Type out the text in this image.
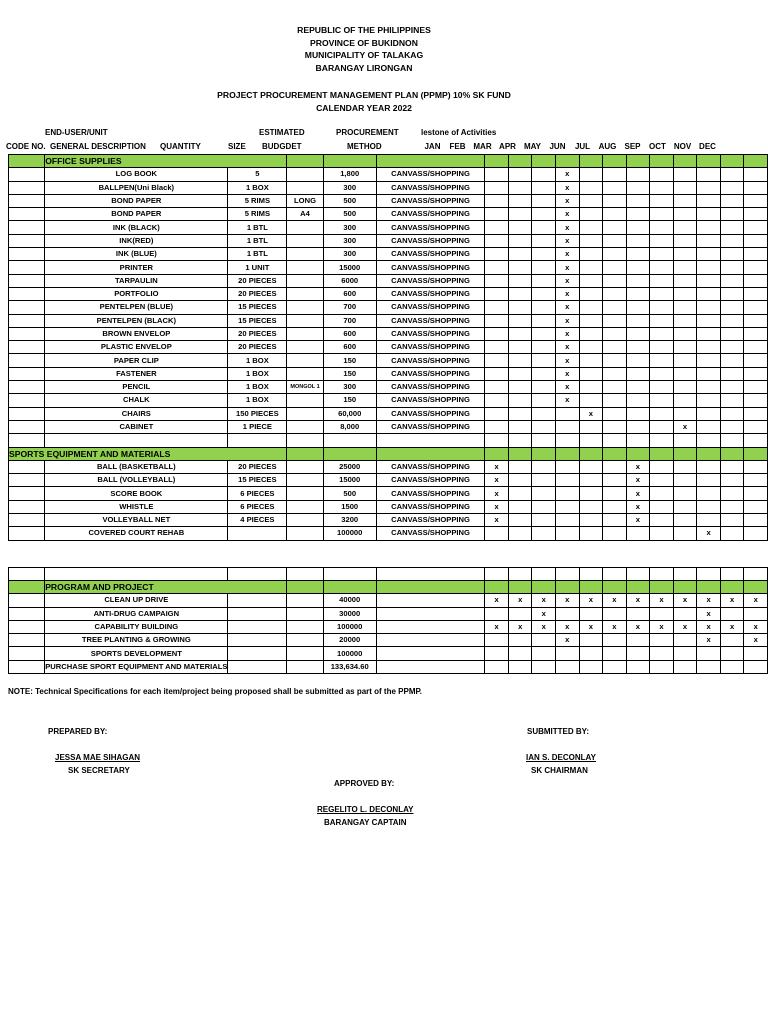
REPUBLIC OF THE PHILIPPINES
PROVINCE OF BUKIDNON
MUNICIPALITY OF TALAKAG
BARANGAY LIRONGAN
PROJECT PROCUREMENT MANAGEMENT PLAN (PPMP) 10% SK FUND
CALENDAR YEAR 2022
END-USER/UNIT
CODE NO. GENERAL DESCRIPTION QUANTITY	SIZE
ESTIMATED
BUDGDET
PROCUREMENT
METHOD
lestone of Activities
JAN	FEB MAR APR	MAY	JUN	JUL	AUG	SEP	OCT NOV DEC
	OFFICE SUPPLIES																
	LOG BOOK	5		1,800	CANVASS/SHOPPING				x								
	BALLPEN(Uni Black)	1 BOX		300	CANVASS/SHOPPING				x								
	BOND PAPER	5 RIMS	LONG	500	CANVASS/SHOPPING				x								
	BOND PAPER	5 RIMS	A4	500	CANVASS/SHOPPING				x								
	INK (BLACK)	1 BTL		300	CANVASS/SHOPPING				x								
	INK(RED)	1 BTL		300	CANVASS/SHOPPING				x								
	INK (BLUE)	1 BTL		300	CANVASS/SHOPPING				x								
	PRINTER	1 UNIT		15000	CANVASS/SHOPPING				x								
	TARPAULIN	20 PIECES		6000	CANVASS/SHOPPING				x								
	PORTFOLIO	20 PIECES		600	CANVASS/SHOPPING				x								
	PENTELPEN (BLUE)	15 PIECES		700	CANVASS/SHOPPING				x								
	PENTELPEN (BLACK)	15 PIECES		700	CANVASS/SHOPPING				x								
	BROWN ENVELOP	20 PIECES		600	CANVASS/SHOPPING				x								
	PLASTIC ENVELOP	20 PIECES		600	CANVASS/SHOPPING				x								
	PAPER CLIP	1 BOX		150	CANVASS/SHOPPING				x								
	FASTENER	1 BOX		150	CANVASS/SHOPPING				x								
	PENCIL	1 BOX	MONGOL 1	300	CANVASS/SHOPPING				x								
	CHALK	1 BOX		150	CANVASS/SHOPPING				x								
	CHAIRS	150 PIECES		60,000	CANVASS/SHOPPING					x							
	CABINET	1 PIECE		8,000	CANVASS/SHOPPING									x			

SPORTS EQUIPMENT AND MATERIALS																	
	BALL (BASKETBALL)	20 PIECES		25000	CANVASS/SHOPPING	x						x					
	BALL (VOLLEYBALL)	15 PIECES		15000	CANVASS/SHOPPING	x						x					
	SCORE BOOK	6 PIECES		500	CANVASS/SHOPPING	x						x					
	WHISTLE	6 PIECES		1500	CANVASS/SHOPPING	x						x					
	VOLLEYBALL NET	4 PIECES		3200	CANVASS/SHOPPING	x						x					
	COVERED COURT REHAB			100000	CANVASS/SHOPPING										x		

	PROGRAM AND PROJECT																
	CLEAN UP DRIVE			40000		x	x	x	x	x	x	x	x	x	x	x	x
	ANTI-DRUG CAMPAIGN			30000				x							x		
	CAPABILITY BUILDING			100000		x	x	x	x	x	x	x	x	x	x	x	x
	TREE PLANTING & GROWING			20000					x						x		x
	SPORTS DEVELOPMENT			100000													
	PURCHASE SPORT EQUIPMENT AND MATERIALS			133,634.60													
NOTE: Technical Specifications for each item/project being proposed shall be submitted as part of the PPMP.
PREPARED BY:
JESSA MAE SIHAGAN
SK SECRETARY
SUBMITTED BY:
IAN S. DECONLAY
SK CHAIRMAN
APPROVED BY:
REGELITO L. DECONLAY
BARANGAY CAPTAIN
